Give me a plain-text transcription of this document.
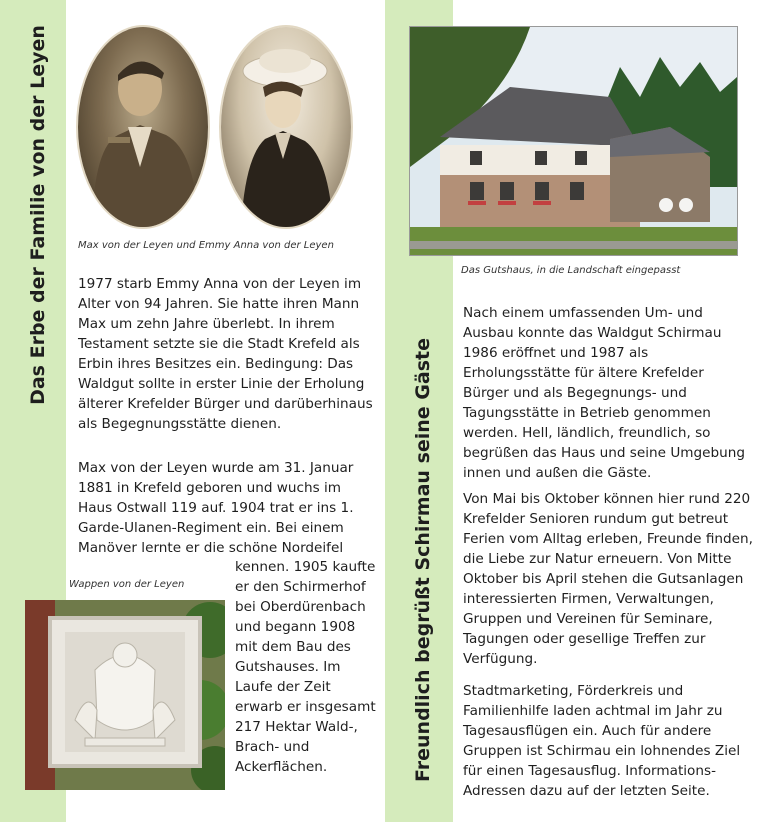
Das Erbe der Familie von der Leyen
Freundlich begrüßt Schirmau seine Gäste
Max von der Leyen und Emmy Anna von der Leyen

1977 starb Emmy Anna von der Leyen im Alter von 94 Jahren. Sie hatte ihren Mann Max um zehn Jahre überlebt. In ihrem Testament setzte sie die Stadt Krefeld als Erbin ihres Besitzes ein. Bedingung: Das Waldgut sollte in erster Linie der Erholung älterer Krefelder Bürger und darüberhinaus als Begegnungsstätte dienen.

Max von der Leyen wurde am 31. Januar 1881 in Krefeld geboren und wuchs im Haus Ostwall 119 auf. 1904 trat er ins 1. Garde-Ulanen-Regiment ein. Bei einem Manöver lernte er die schöne Nordeifel

kennen. 1905 kaufte er den Schirmerhof bei Oberdürenbach und begann 1908 mit dem Bau des Gutshauses. Im Laufe der Zeit erwarb er insgesamt 217 Hektar Wald-, Brach- und Ackerflächen.

Wappen von der Leyen
Das Gutshaus, in die Landschaft eingepasst

Nach einem umfassenden Um- und Ausbau konnte das Waldgut Schirmau 1986 eröffnet und 1987 als Erholungsstätte für ältere Krefelder Bürger und als Begegnungs- und Tagungsstätte in Betrieb genommen werden. Hell, ländlich, freundlich, so begrüßen das Haus und seine Umgebung innen und außen die Gäste.

Von Mai bis Oktober können hier rund 220 Krefelder Senioren rundum gut betreut Ferien vom Alltag erleben, Freunde finden, die Liebe zur Natur erneuern. Von Mitte Oktober bis April stehen die Gutsanlagen interessierten Firmen, Verwaltungen, Gruppen und Vereinen für Seminare, Tagungen oder gesellige Treffen zur Verfügung.

Stadtmarketing, Förderkreis und Familienhilfe laden achtmal im Jahr zu Tagesausflügen ein. Auch für andere Gruppen ist Schirmau ein lohnendes Ziel für einen Tagesausflug. Informations-Adressen dazu auf der letzten Seite.
